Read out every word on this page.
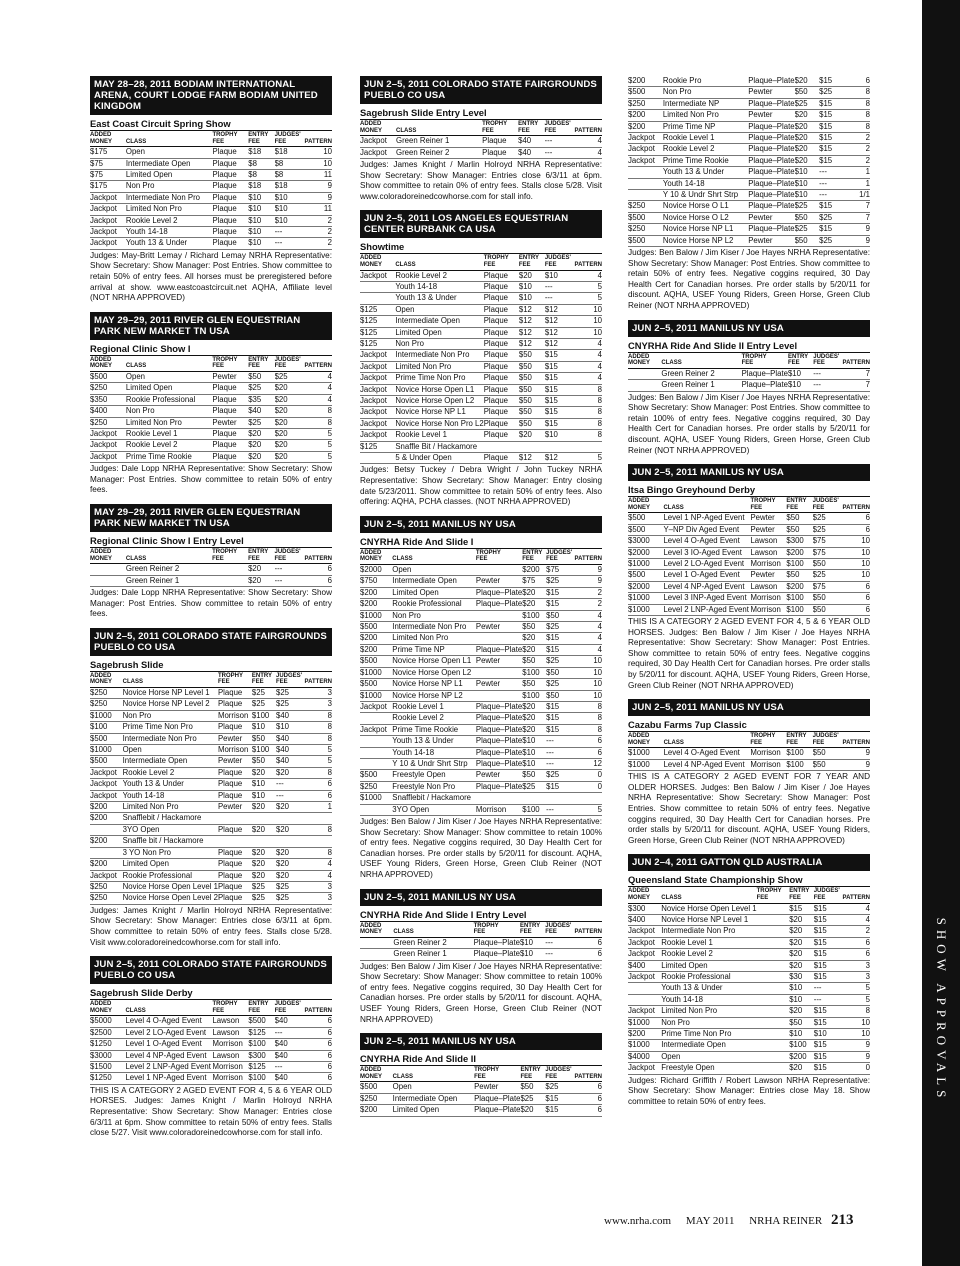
MAY 28–28, 2011 BODIAM INTERNATIONAL ARENA, COURT LODGE FARM BODIAM UNITED KINGDOM
East Coast Circuit Spring Show
ADDED
MONEY	CLASS	TROPHY
FEE	ENTRY
FEE	JUDGES'
FEE	PATTERN
$175	Open	Plaque	$18	$18	10
$75	Intermediate Open	Plaque	$8	$8	10
$75	Limited Open	Plaque	$8	$8	11
$175	Non Pro	Plaque	$18	$18	9
Jackpot	Intermediate Non Pro	Plaque	$10	$10	9
Jackpot	Limited Non Pro	Plaque	$10	$10	11
Jackpot	Rookie Level 2	Plaque	$10	$10	2
Jackpot	Youth 14-18	Plaque	$10	---	2
Jackpot	Youth 13 & Under	Plaque	$10	---	2
Judges: May-Britt Lemay / Richard Lemay NRHA Representative: Show Secretary: Show Manager: Post Entries. Show committee to retain 50% of entry fees. All horses must be preregistered before arrival at show. www.eastcoastcircuit.net AQHA, Affiliate level (NOT NRHA APPROVED)
MAY 29–29, 2011 RIVER GLEN EQUESTRIAN PARK NEW MARKET TN USA
Regional Clinic Show I
ADDED
MONEY	CLASS	TROPHY
FEE	ENTRY
FEE	JUDGES'
FEE	PATTERN
$500	Open	Pewter	$50	$25	4
$250	Limited Open	Plaque	$25	$20	4
$350	Rookie Professional	Plaque	$35	$20	4
$400	Non Pro	Plaque	$40	$20	8
$250	Limited Non Pro	Pewter	$25	$20	8
Jackpot	Rookie Level 1	Plaque	$20	$20	5
Jackpot	Rookie Level 2	Plaque	$20	$20	5
Jackpot	Prime Time Rookie	Plaque	$20	$20	5
Judges: Dale Lopp NRHA Representative: Show Secretary: Show Manager: Post Entries. Show committee to retain 50% of entry fees.
MAY 29–29, 2011 RIVER GLEN EQUESTRIAN PARK NEW MARKET TN USA
Regional Clinic Show I Entry Level
ADDED
MONEY	CLASS	TROPHY
FEE	ENTRY
FEE	JUDGES'
FEE	PATTERN
	Green Reiner 2		$20	---	6
	Green Reiner 1		$20	---	6
Judges: Dale Lopp NRHA Representative: Show Secretary: Show Manager: Post Entries. Show committee to retain 50% of entry fees.
JUN 2–5, 2011 COLORADO STATE FAIRGROUNDS PUEBLO CO USA
Sagebrush Slide
ADDED
MONEY	CLASS	TROPHY
FEE	ENTRY
FEE	JUDGES'
FEE	PATTERN
$250	Novice Horse NP Level 1	Plaque	$25	$25	3
$250	Novice Horse NP Level 2	Plaque	$25	$25	3
$1000	Non Pro	Morrison	$100	$40	8
$100	Prime Time Non Pro	Plaque	$10	$10	8
$500	Intermediate Non Pro	Pewter	$50	$40	8
$1000	Open	Morrison	$100	$40	5
$500	Intermediate Open	Pewter	$50	$40	5
Jackpot	Rookie Level 2	Plaque	$20	$20	8
Jackpot	Youth 13 & Under	Plaque	$10	---	6
Jackpot	Youth 14-18	Plaque	$10	---	6
$200	Limited Non Pro	Pewter	$20	$20	1
$200	Snafflebit / Hackamore				
	3YO Open	Plaque	$20	$20	8
$200	Snaffle bit / Hackamore				
	3 YO Non Pro	Plaque	$20	$20	8
$200	Limited Open	Plaque	$20	$20	4
Jackpot	Rookie Professional	Plaque	$20	$20	4
$250	Novice Horse Open Level 1	Plaque	$25	$25	3
$250	Novice Horse Open Level 2	Plaque	$25	$25	3
Judges: James Knight / Marlin Holroyd NRHA Representative: Show Secretary: Show Manager: Entries close 6/3/11 at 6pm. Show committee to retain 50% of entry fees. Stalls close 5/28. Visit www.coloradoreinedcowhorse.com for stall info.
JUN 2–5, 2011 COLORADO STATE FAIRGROUNDS PUEBLO CO USA
Sagebrush Slide Derby
ADDED
MONEY	CLASS	TROPHY
FEE	ENTRY
FEE	JUDGES'
FEE	PATTERN
$5000	Level 4 O-Aged Event	Lawson	$500	$40	6
$2500	Level 2 LO-Aged Event	Lawson	$125	---	6
$1250	Level 1 O-Aged Event	Morrison	$100	$40	6
$3000	Level 4 NP-Aged Event	Lawson	$300	$40	6
$1500	Level 2 LNP-Aged Event	Morrison	$125	---	6
$1250	Level 1 NP-Aged Event	Morrison	$100	$40	6
THIS IS A CATEGORY 2 AGED EVENT FOR 4, 5 & 6 YEAR OLD HORSES. Judges: James Knight / Marlin Holroyd NRHA Representative: Show Secretary: Show Manager: Entries close 6/3/11 at 6pm. Show committee to retain 50% of entry fees. Stalls close 5/27. Visit www.coloradoreinedcowhorse.com for stall info.
JUN 2–5, 2011 COLORADO STATE FAIRGROUNDS PUEBLO CO USA
Sagebrush Slide Entry Level
ADDED
MONEY	CLASS	TROPHY
FEE	ENTRY
FEE	JUDGES'
FEE	PATTERN
Jackpot	Green Reiner 1	Plaque	$40	---	4
Jackpot	Green Reiner 2	Plaque	$40	---	4
Judges: James Knight / Marlin Holroyd NRHA Representative: Show Secretary: Show Manager: Entries close 6/3/11 at 6pm. Show committee to retain 0% of entry fees. Stalls close 5/28. Visit www.coloradoreinedcowhorse.com for stall info.
JUN 2–5, 2011 LOS ANGELES EQUESTRIAN CENTER BURBANK CA USA
Showtime
ADDED
MONEY	CLASS	TROPHY
FEE	ENTRY
FEE	JUDGES'
FEE	PATTERN
Jackpot	Rookie Level 2	Plaque	$20	$10	4
	Youth 14-18	Plaque	$10	---	5
	Youth 13 & Under	Plaque	$10	---	5
$125	Open	Plaque	$12	$12	10
$125	Intermediate Open	Plaque	$12	$12	10
$125	Limited Open	Plaque	$12	$12	10
$125	Non Pro	Plaque	$12	$12	4
Jackpot	Intermediate Non Pro	Plaque	$50	$15	4
Jackpot	Limited Non Pro	Plaque	$50	$15	4
Jackpot	Prime Time Non Pro	Plaque	$50	$15	4
Jackpot	Novice Horse Open L1	Plaque	$50	$15	8
Jackpot	Novice Horse Open L2	Plaque	$50	$15	8
Jackpot	Novice Horse NP L1	Plaque	$50	$15	8
Jackpot	Novice Horse Non Pro L2	Plaque	$50	$15	8
Jackpot	Rookie Level 1	Plaque	$20	$10	8
$125	Snaffle Bit / Hackamore				
	5 & Under Open	Plaque	$12	$12	5
Judges: Betsy Tuckey / Debra Wright / John Tuckey NRHA Representative: Show Secretary: Show Manager: Entry closing date 5/23/2011. Show committee to retain 50% of entry fees. Also offering: AQHA, PCHA classes. (NOT NRHA APPROVED)
JUN 2–5, 2011 MANILUS NY USA
CNYRHA Ride And Slide I
ADDED
MONEY	CLASS	TROPHY
FEE	ENTRY
FEE	JUDGES'
FEE	PATTERN
$2000	Open		$200	$75	9
$750	Intermediate Open	Pewter	$75	$25	9
$200	Limited Open	Plaque–Plate	$20	$15	2
$200	Rookie Professional	Plaque–Plate	$20	$15	2
$1000	Non Pro		$100	$50	4
$500	Intermediate Non Pro	Pewter	$50	$25	4
$200	Limited Non Pro		$20	$15	4
$200	Prime Time NP	Plaque–Plate	$20	$15	4
$500	Novice Horse Open L1	Pewter	$50	$25	10
$1000	Novice Horse Open L2		$100	$50	10
$500	Novice Horse NP L1	Pewter	$50	$25	10
$1000	Novice Horse NP L2		$100	$50	10
Jackpot	Rookie Level 1	Plaque–Plate	$20	$15	8
	Rookie Level 2	Plaque–Plate	$20	$15	8
Jackpot	Prime Time Rookie	Plaque–Plate	$20	$15	8
	Youth 13 & Under	Plaque–Plate	$10	---	6
	Youth 14-18	Plaque–Plate	$10	---	6
	Y 10 & Undr Shrt Strp	Plaque–Plate	$10	---	12
$500	Freestyle Open	Pewter	$50	$25	0
$250	Freestyle Non Pro	Plaque–Plate	$25	$15	0
$1000	Snafflebit / Hackamore				
	3YO Open	Morrison	$100	---	5
Judges: Ben Balow / Jim Kiser / Joe Hayes NRHA Representative: Show Secretary: Show Manager: Show committee to retain 100% of entry fees. Negative coggins required, 30 Day Health Cert for Canadian horses. Pre order stalls by 5/20/11 for discount. AQHA, USEF Young Riders, Green Horse, Green Club Reiner (NOT NRHA APPROVED)
JUN 2–5, 2011 MANILUS NY USA
CNYRHA Ride And Slide I Entry Level
ADDED
MONEY	CLASS	TROPHY
FEE	ENTRY
FEE	JUDGES'
FEE	PATTERN
	Green Reiner 2	Plaque–Plate	$10	---	6
	Green Reiner 1	Plaque–Plate	$10	---	6
Judges: Ben Balow / Jim Kiser / Joe Hayes NRHA Representative: Show Secretary: Show Manager: Show committee to retain 100% of entry fees. Negative coggins required, 30 Day Health Cert for Canadian horses. Pre order stalls by 5/20/11 for discount. AQHA, USEF Young Riders, Green Horse, Green Club Reiner (NOT NRHA APPROVED)
JUN 2–5, 2011 MANILUS NY USA
CNYRHA Ride And Slide II
ADDED
MONEY	CLASS	TROPHY
FEE	ENTRY
FEE	JUDGES'
FEE	PATTERN
$500	Open	Pewter	$50	$25	6
$250	Intermediate Open	Plaque–Plate	$25	$15	6
$200	Limited Open	Plaque–Plate	$20	$15	6
$200	Rookie Pro	Plaque–Plate	$20	$15	6
$500	Non Pro	Pewter	$50	$25	8
$250	Intermediate NP	Plaque–Plate	$25	$15	8
$200	Limited Non Pro	Pewter	$20	$15	8
$200	Prime Time NP	Plaque–Plate	$20	$15	8
Jackpot	Rookie Level 1	Plaque–Plate	$20	$15	2
Jackpot	Rookie Level 2	Plaque–Plate	$20	$15	2
Jackpot	Prime Time Rookie	Plaque–Plate	$20	$15	2
	Youth 13 & Under	Plaque–Plate	$10	---	1
	Youth 14-18	Plaque–Plate	$10	---	1
	Y 10 & Undr Shrt Strp	Plaque–Plate	$10	---	1/1
$250	Novice Horse O L1	Plaque–Plate	$25	$15	7
$500	Novice Horse O L2	Pewter	$50	$25	7
$250	Novice Horse NP L1	Plaque–Plate	$25	$15	9
$500	Novice Horse NP L2	Pewter	$50	$25	9
Judges: Ben Balow / Jim Kiser / Joe Hayes NRHA Representative: Show Secretary: Show Manager: Post Entries. Show committee to retain 50% of entry fees. Negative coggins required, 30 Day Health Cert for Canadian horses. Pre order stalls by 5/20/11 for discount. AQHA, USEF Young Riders, Green Horse, Green Club Reiner (NOT NRHA APPROVED)
JUN 2–5, 2011 MANILUS NY USA
CNYRHA Ride And Slide II Entry Level
ADDED
MONEY	CLASS	TROPHY
FEE	ENTRY
FEE	JUDGES'
FEE	PATTERN
	Green Reiner 2	Plaque–Plate	$10	---	7
	Green Reiner 1	Plaque–Plate	$10	---	7
Judges: Ben Balow / Jim Kiser / Joe Hayes NRHA Representative: Show Secretary: Show Manager: Post Entries. Show committee to retain 100% of entry fees. Negative coggins required, 30 Day Health Cert for Canadian horses. Pre order stalls by 5/20/11 for discount. AQHA, USEF Young Riders, Green Horse, Green Club Reiner (NOT NRHA APPROVED)
JUN 2–5, 2011 MANILUS NY USA
Itsa Bingo Greyhound Derby
ADDED
MONEY	CLASS	TROPHY
FEE	ENTRY
FEE	JUDGES'
FEE	PATTERN
$500	Level 1 NP-Aged Event	Pewter	$50	$25	6
$500	Y–NP Div Aged Event	Pewter	$50	$25	6
$3000	Level 4 O-Aged Event	Lawson	$300	$75	10
$2000	Level 3 IO-Aged Event	Lawson	$200	$75	10
$1000	Level 2 LO-Aged Event	Morrison	$100	$50	10
$500	Level 1 O-Aged Event	Pewter	$50	$25	10
$2000	Level 4 NP-Aged Event	Lawson	$200	$75	6
$1000	Level 3 INP-Aged Event	Morrison	$100	$50	6
$1000	Level 2 LNP-Aged Event	Morrison	$100	$50	6
THIS IS A CATEGORY 2 AGED EVENT FOR 4, 5 & 6 YEAR OLD HORSES. Judges: Ben Balow / Jim Kiser / Joe Hayes NRHA Representative: Show Secretary: Show Manager: Post Entries. Show committee to retain 50% of entry fees. Negative coggins required, 30 Day Health Cert for Canadian horses. Pre order stalls by 5/20/11 for discount. AQHA, USEF Young Riders, Green Horse, Green Club Reiner (NOT NRHA APPROVED)
JUN 2–5, 2011 MANILUS NY USA
Cazabu Farms 7up Classic
ADDED
MONEY	CLASS	TROPHY
FEE	ENTRY
FEE	JUDGES'
FEE	PATTERN
$1000	Level 4 O-Aged Event	Morrison	$100	$50	9
$1000	Level 4 NP-Aged Event	Morrison	$100	$50	9
THIS IS A CATEGORY 2 AGED EVENT FOR 7 YEAR AND OLDER HORSES. Judges: Ben Balow / Jim Kiser / Joe Hayes NRHA Representative: Show Secretary: Show Manager: Post Entries. Show committee to retain 50% of entry fees. Negative coggins required, 30 Day Health Cert for Canadian horses. Pre order stalls by 5/20/11 for discount. AQHA, USEF Young Riders, Green Horse, Green Club Reiner (NOT NRHA APPROVED)
JUN 2–4, 2011 GATTON QLD AUSTRALIA
Queensland State Championship Show
ADDED
MONEY	CLASS	TROPHY
FEE	ENTRY
FEE	JUDGES'
FEE	PATTERN
$300	Novice Horse Open Level 1		$15	$15	4
$400	Novice Horse NP Level 1		$20	$15	4
Jackpot	Intermediate Non Pro		$20	$15	2
Jackpot	Rookie Level 1		$20	$15	6
Jackpot	Rookie Level 2		$20	$15	6
$400	Limited Open		$20	$15	3
Jackpot	Rookie Professional		$30	$15	3
	Youth 13 & Under		$10	---	5
	Youth 14-18		$10	---	5
Jackpot	Limited Non Pro		$20	$15	8
$1000	Non Pro		$50	$15	10
$200	Prime Time Non Pro		$10	$10	10
$1000	Intermediate Open		$100	$15	9
$4000	Open		$200	$15	9
Jackpot	Freestyle Open		$20	$15	0
Judges: Richard Griffith / Robert Lawson NRHA Representative: Show Secretary: Show Manager: Entries close May 18. Show committee to retain 50% of entry fees.	SHOW APPROVALS
www.nrha.com MAY 2011 NRHA REINER 213
